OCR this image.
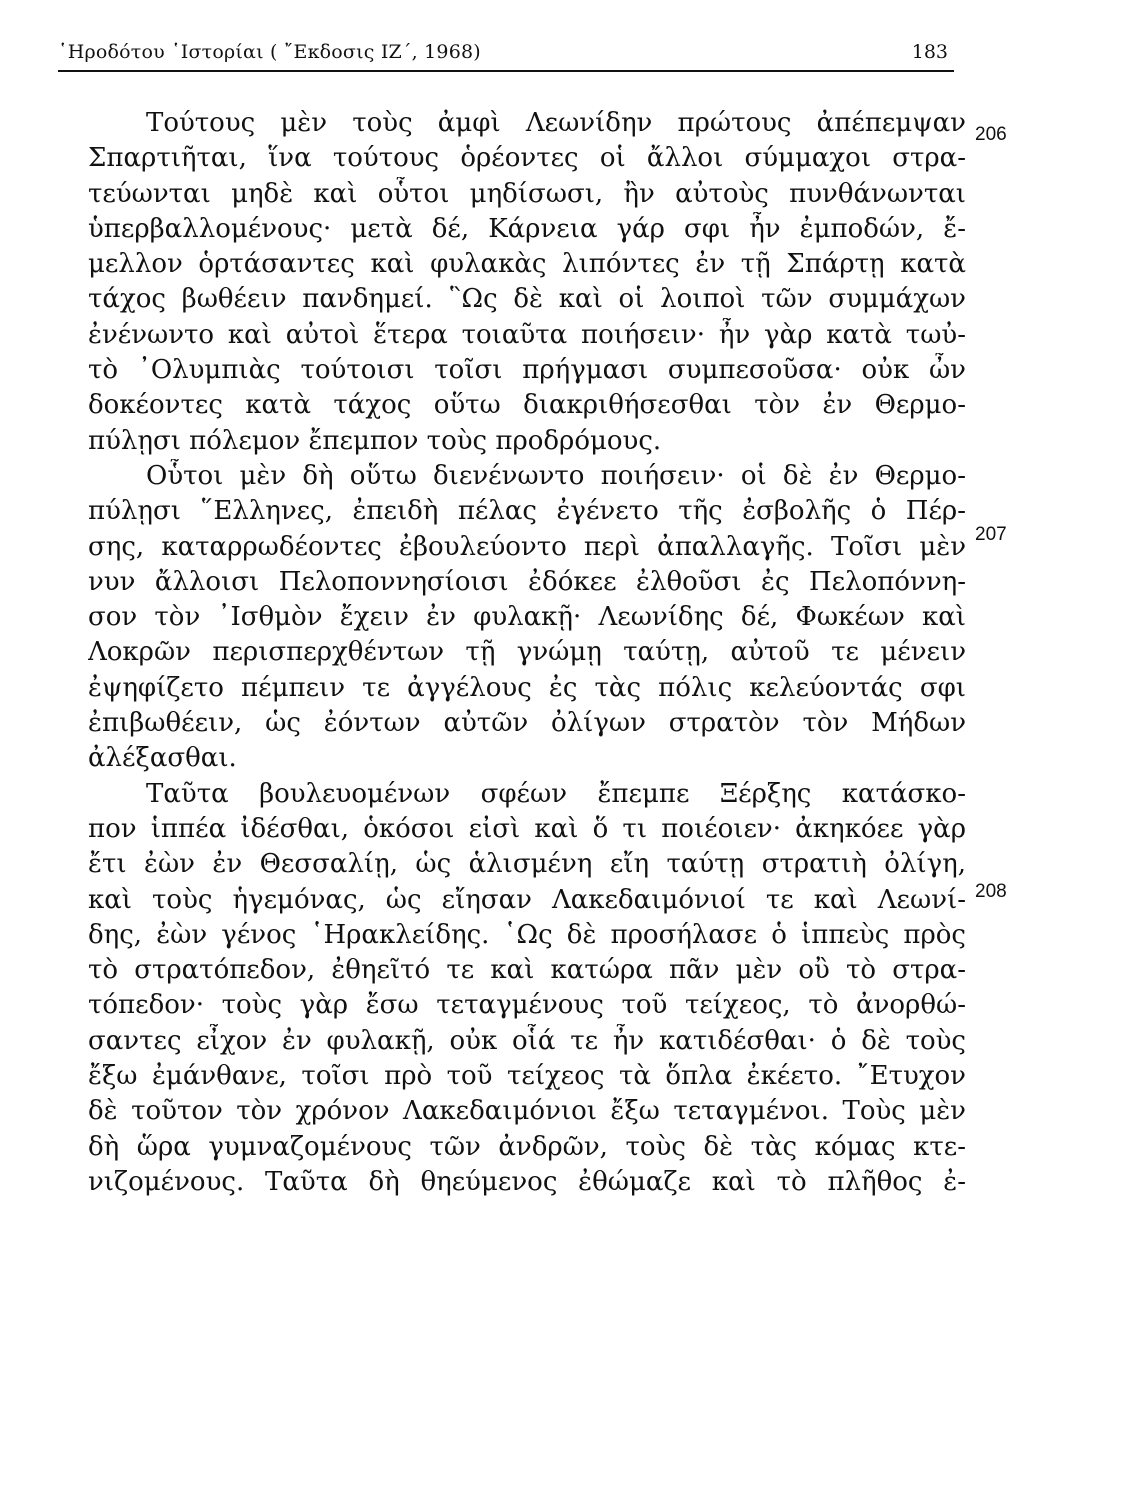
῾Ηροδότου ῾Ιστορίαι ( ῎Εκδοσις ΙΖ΄, 1968)	183
206
207
208
Τούτους μὲν τοὺς ἀμφὶ Λεωνίδην πρώτους ἀπέπεμψαν
Σπαρτιῆται, ἵνα τούτους ὁρέοντες οἱ ἄλλοι σύμμαχοι στρα-
τεύωνται μηδὲ καὶ οὗτοι μηδίσωσι, ἢν αὐτοὺς πυνθάνωνται
ὑπερβαλλομένους· μετὰ δέ, Κάρνεια γάρ σφι ἦν ἐμποδών, ἔ-
μελλον ὁρτάσαντες καὶ φυλακὰς λιπόντες ἐν τῇ Σπάρτῃ κατὰ
τάχος βωθέειν πανδημεί. ῝Ως δὲ καὶ οἱ λοιποὶ τῶν συμμάχων
ἐνένωντο καὶ αὐτοὶ ἕτερα τοιαῦτα ποιήσειν· ἦν γὰρ κατὰ τωὐ-
τὸ ᾿Ολυμπιὰς τούτοισι τοῖσι πρήγμασι συμπεσοῦσα· οὐκ ὦν
δοκέοντες κατὰ τάχος οὕτω διακριθήσεσθαι τὸν ἐν Θερμο-
πύλῃσι πόλεμον ἔπεμπον τοὺς προδρόμους.
Οὗτοι μὲν δὴ οὕτω διενένωντο ποιήσειν· οἱ δὲ ἐν Θερμο-
πύλῃσι ῞Ελληνες, ἐπειδὴ πέλας ἐγένετο τῆς ἐσβολῆς ὁ Πέρ-
σης, καταρρωδέοντες ἐβουλεύοντο περὶ ἀπαλλαγῆς. Τοῖσι μὲν
νυν ἄλλοισι Πελοποννησίοισι ἐδόκεε ἐλθοῦσι ἐς Πελοπόννη-
σον τὸν ᾿Ισθμὸν ἔχειν ἐν φυλακῇ· Λεωνίδης δέ, Φωκέων καὶ
Λοκρῶν περισπερχθέντων τῇ γνώμῃ ταύτῃ, αὐτοῦ τε μένειν
ἐψηφίζετο πέμπειν τε ἀγγέλους ἐς τὰς πόλις κελεύοντάς σφι
ἐπιβωθέειν, ὡς ἐόντων αὐτῶν ὀλίγων στρατὸν τὸν Μήδων
ἀλέξασθαι.
Ταῦτα βουλευομένων σφέων ἔπεμπε Ξέρξης κατάσκο-
πον ἱππέα ἰδέσθαι, ὁκόσοι εἰσὶ καὶ ὅ τι ποιέοιεν· ἀκηκόεε γὰρ
ἔτι ἐὼν ἐν Θεσσαλίῃ, ὡς ἁλισμένη εἴη ταύτῃ στρατιὴ ὀλίγη,
καὶ τοὺς ἡγεμόνας, ὡς εἴησαν Λακεδαιμόνιοί τε καὶ Λεωνί-
δης, ἐὼν γένος ῾Ηρακλείδης. ῾Ως δὲ προσήλασε ὁ ἱππεὺς πρὸς
τὸ στρατόπεδον, ἐθηεῖτό τε καὶ κατώρα πᾶν μὲν οὒ τὸ στρα-
τόπεδον· τοὺς γὰρ ἔσω τεταγμένους τοῦ τείχεος, τὸ ἀνορθώ-
σαντες εἶχον ἐν φυλακῇ, οὐκ οἷά τε ἦν κατιδέσθαι· ὁ δὲ τοὺς
ἔξω ἐμάνθανε, τοῖσι πρὸ τοῦ τείχεος τὰ ὅπλα ἐκέετο. ῎Ετυχον
δὲ τοῦτον τὸν χρόνον Λακεδαιμόνιοι ἔξω τεταγμένοι. Τοὺς μὲν
δὴ ὥρα γυμναζομένους τῶν ἀνδρῶν, τοὺς δὲ τὰς κόμας κτε-
νιζομένους. Ταῦτα δὴ θηεύμενος ἐθώμαζε καὶ τὸ πλῆθος ἐ-
